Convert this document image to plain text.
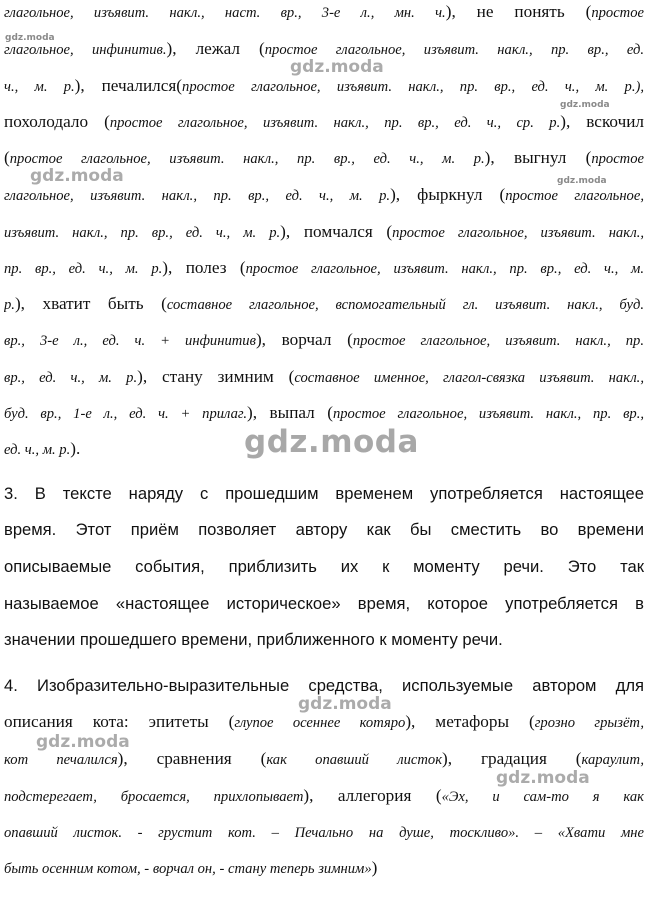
глагольное, изъявит. накл., наст. вр., 3-е л., мн. ч.), не понять (простое
глагольное, инфинитив.), лежал (простое глагольное, изъявит. накл., пр. вр., ед.
ч., м. р.), печалился(простое глагольное, изъявит. накл., пр. вр., ед. ч., м. р.),
похолодало (простое глагольное, изъявит. накл., пр. вр., ед. ч., ср. р.), вскочил
(простое глагольное, изъявит. накл., пр. вр., ед. ч., м. р.), выгнул (простое
глагольное, изъявит. накл., пр. вр., ед. ч., м. р.), фыркнул (простое глагольное,
изъявит. накл., пр. вр., ед. ч., м. р.), помчался (простое глагольное, изъявит. накл.,
пр. вр., ед. ч., м. р.), полез (простое глагольное, изъявит. накл., пр. вр., ед. ч., м.
р.), хватит быть (составное глагольное, вспомогательный гл. изъявит. накл., буд.
вр., 3-е л., ед. ч. + инфинитив), ворчал (простое глагольное, изъявит. накл., пр.
вр., ед. ч., м. р.), стану зимним (составное именное, глагол-связка изъявит. накл.,
буд. вр., 1-е л., ед. ч. + прилаг.), выпал (простое глагольное, изъявит. накл., пр. вр.,
ед. ч., м. р.).
3. В тексте наряду с прошедшим временем употребляется настоящее
время. Этот приём позволяет автору как бы сместить во времени
описываемые события, приблизить их к моменту речи. Это так
называемое «настоящее историческое» время, которое употребляется в
значении прошедшего времени, приближенного к моменту речи.
4. Изобразительно-выразительные средства, используемые автором для
описания кота: эпитеты (глупое осеннее котяро), метафоры (грозно грызёт,
кот печалился), сравнения (как опавший листок), градация (караулит,
подстерегает, бросается, прихлопывает), аллегория («Эх, и сам-то я как
опавший листок. - грустит кот. – Печально на душе, тоскливо». – «Хвати мне
быть осенним котом, - ворчал он, - стану теперь зимним»)
gdz.moda
gdz.moda
gdz.moda
gdz.moda
gdz.moda
gdz.moda
gdz.moda
gdz.moda
gdz.moda
